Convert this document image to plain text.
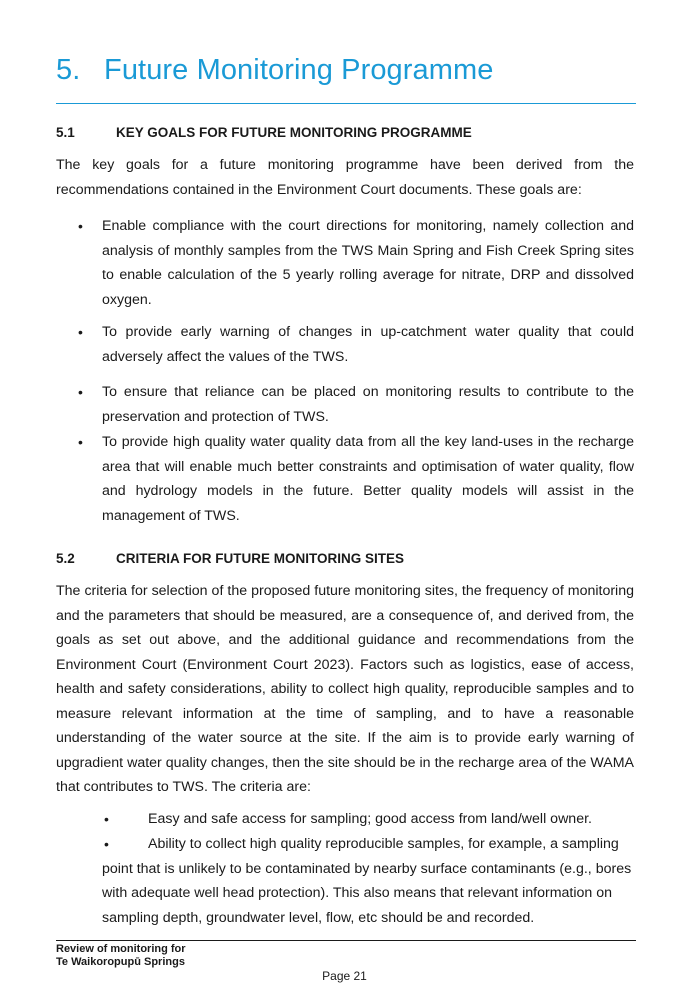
5. Future Monitoring Programme
5.1	KEY GOALS FOR FUTURE MONITORING PROGRAMME

The key goals for a future monitoring programme have been derived from the recommendations contained in the Environment Court documents. These goals are:

• Enable compliance with the court directions for monitoring, namely collection and analysis of monthly samples from the TWS Main Spring and Fish Creek Spring sites to enable calculation of the 5 yearly rolling average for nitrate, DRP and dissolved oxygen.
• To provide early warning of changes in up-catchment water quality that could adversely affect the values of the TWS.
• To ensure that reliance can be placed on monitoring results to contribute to the preservation and protection of TWS.
• To provide high quality water quality data from all the key land-uses in the recharge area that will enable much better constraints and optimisation of water quality, flow and hydrology models in the future. Better quality models will assist in the management of TWS.
5.2	CRITERIA FOR FUTURE MONITORING SITES

The criteria for selection of the proposed future monitoring sites, the frequency of monitoring and the parameters that should be measured, are a consequence of, and derived from, the goals as set out above, and the additional guidance and recommendations from the Environment Court (Environment Court 2023). Factors such as logistics, ease of access, health and safety considerations, ability to collect high quality, reproducible samples and to measure relevant information at the time of sampling, and to have a reasonable understanding of the water source at the site. If the aim is to provide early warning of upgradient water quality changes, then the site should be in the recharge area of the WAMA that contributes to TWS. The criteria are:

•	Easy and safe access for sampling; good access from land/well owner.
•	Ability to collect high quality reproducible samples, for example, a sampling point that is unlikely to be contaminated by nearby surface contaminants (e.g., bores with adequate well head protection). This also means that relevant information on sampling depth, groundwater level, flow, etc should be and recorded.
Review of monitoring for
Te Waikoropupū Springs
Page 21
